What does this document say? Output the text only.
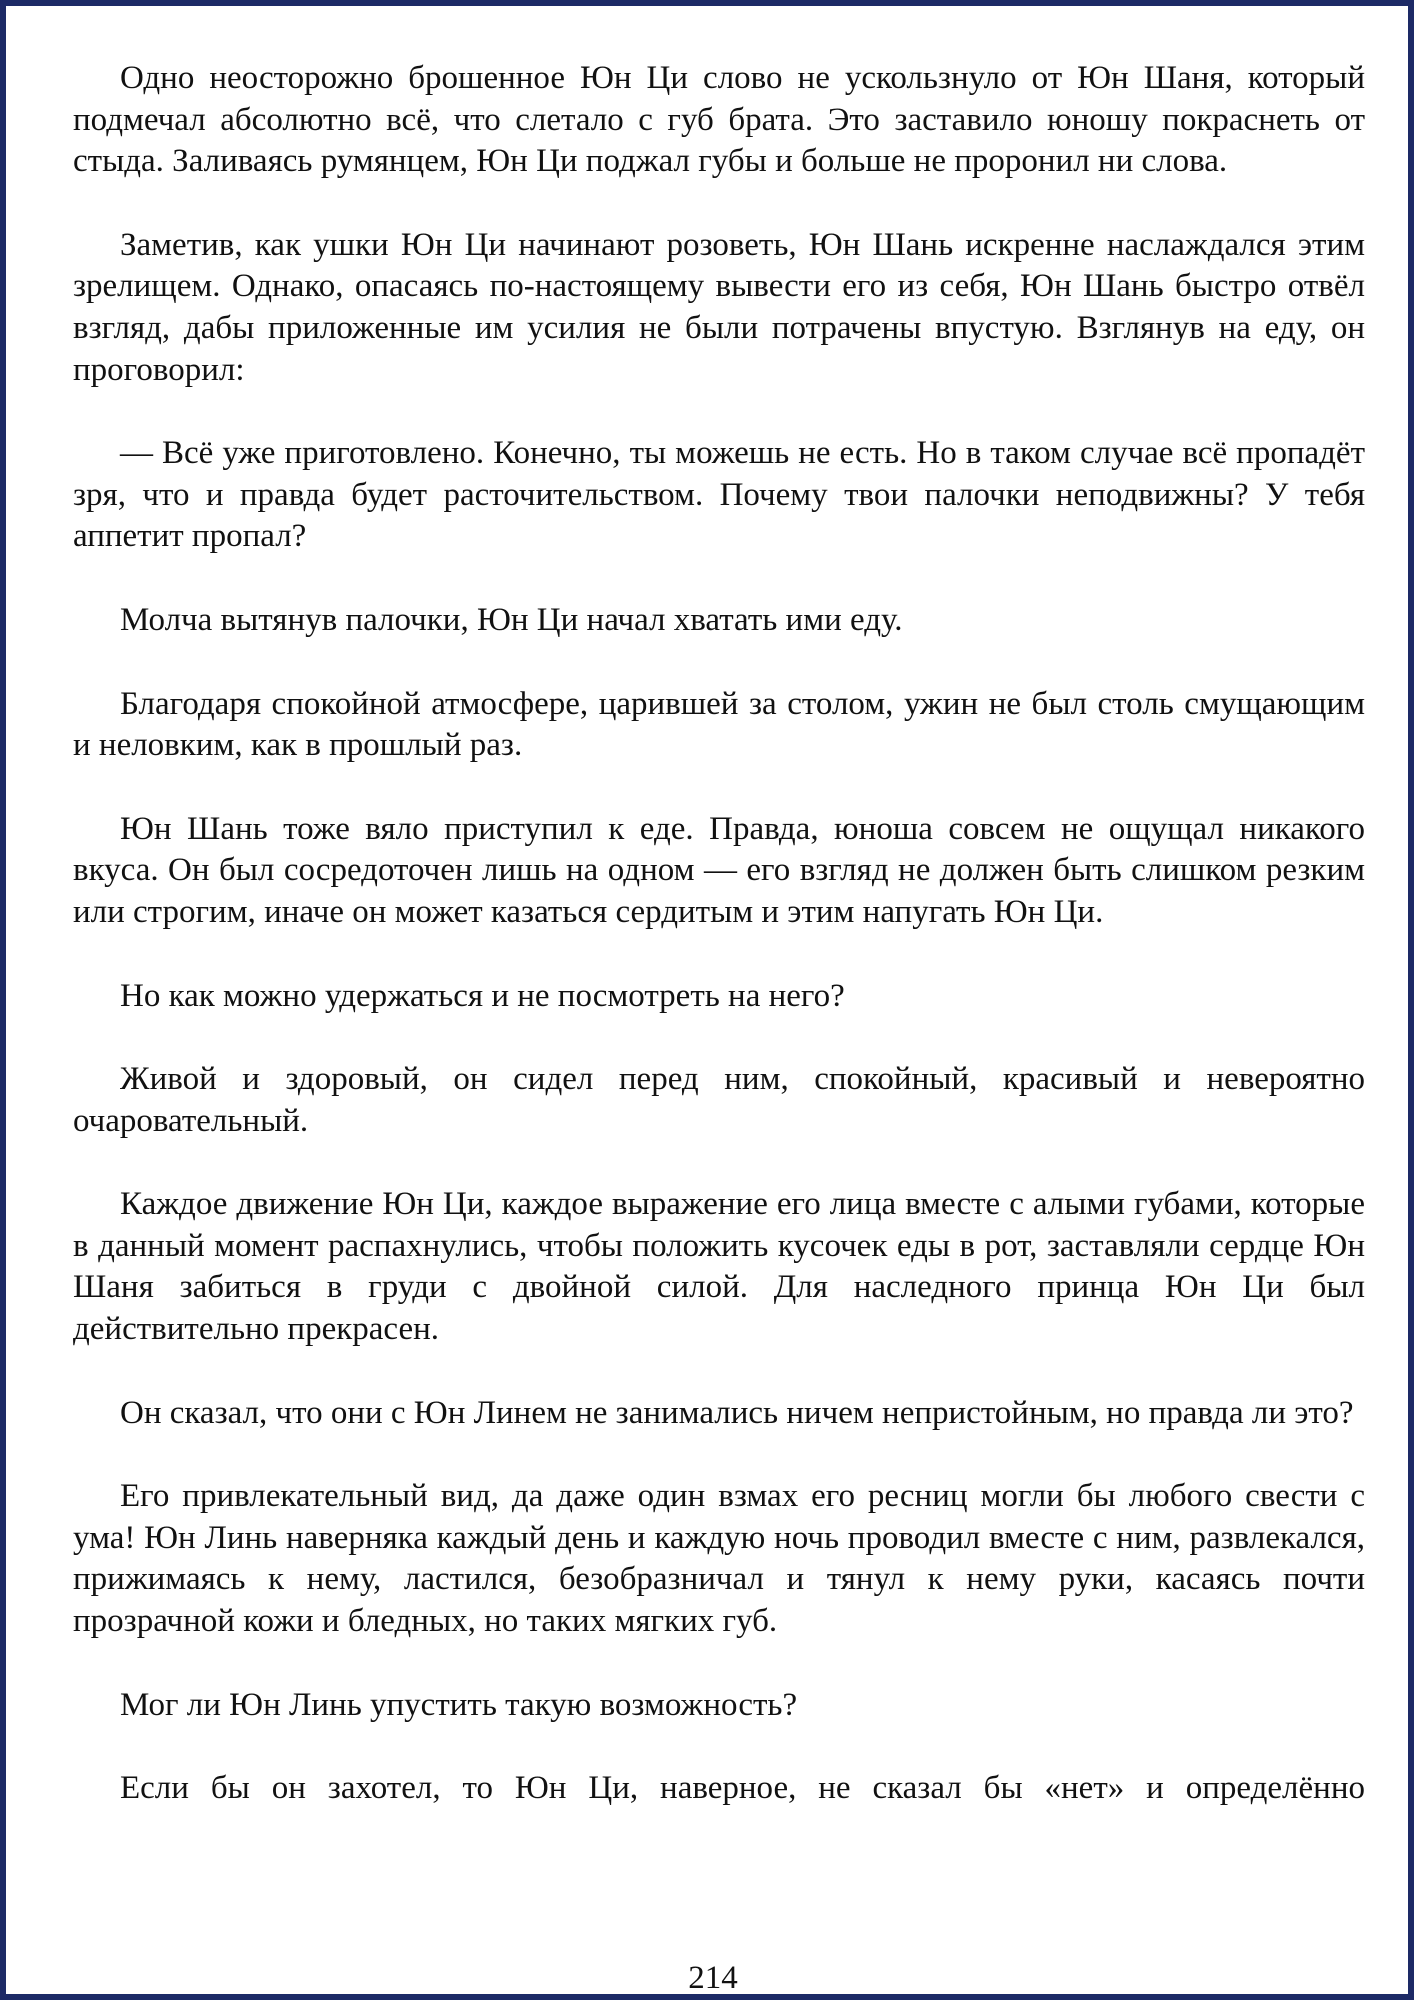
Одно неосторожно брошенное Юн Ци слово не ускользнуло от Юн Шаня, который подмечал абсолютно всё, что слетало с губ брата. Это заставило юношу покраснеть от стыда. Заливаясь румянцем, Юн Ци поджал губы и больше не проронил ни слова.

Заметив, как ушки Юн Ци начинают розоветь, Юн Шань искренне наслаждался этим зрелищем. Однако, опасаясь по-настоящему вывести его из себя, Юн Шань быстро отвёл взгляд, дабы приложенные им усилия не были потрачены впустую. Взглянув на еду, он проговорил:

— Всё уже приготовлено. Конечно, ты можешь не есть. Но в таком случае всё пропадёт зря, что и правда будет расточительством. Почему твои палочки неподвижны? У тебя аппетит пропал?

Молча вытянув палочки, Юн Ци начал хватать ими еду.

Благодаря спокойной атмосфере, царившей за столом, ужин не был столь смущающим и неловким, как в прошлый раз.

Юн Шань тоже вяло приступил к еде. Правда, юноша совсем не ощущал никакого вкуса. Он был сосредоточен лишь на одном — его взгляд не должен быть слишком резким или строгим, иначе он может казаться сердитым и этим напугать Юн Ци.

Но как можно удержаться и не посмотреть на него?

Живой и здоровый, он сидел перед ним, спокойный, красивый и невероятно очаровательный.

Каждое движение Юн Ци, каждое выражение его лица вместе с алыми губами, которые в данный момент распахнулись, чтобы положить кусочек еды в рот, заставляли сердце Юн Шаня забиться в груди с двойной силой. Для наследного принца Юн Ци был действительно прекрасен.

Он сказал, что они с Юн Линем не занимались ничем непристойным, но правда ли это?

Его привлекательный вид, да даже один взмах его ресниц могли бы любого свести с ума! Юн Линь наверняка каждый день и каждую ночь проводил вместе с ним, развлекался, прижимаясь к нему, ластился, безобразничал и тянул к нему руки, касаясь почти прозрачной кожи и бледных, но таких мягких губ.

Мог ли Юн Линь упустить такую возможность?

Если бы он захотел, то Юн Ци, наверное, не сказал бы «нет» и определённо

214
